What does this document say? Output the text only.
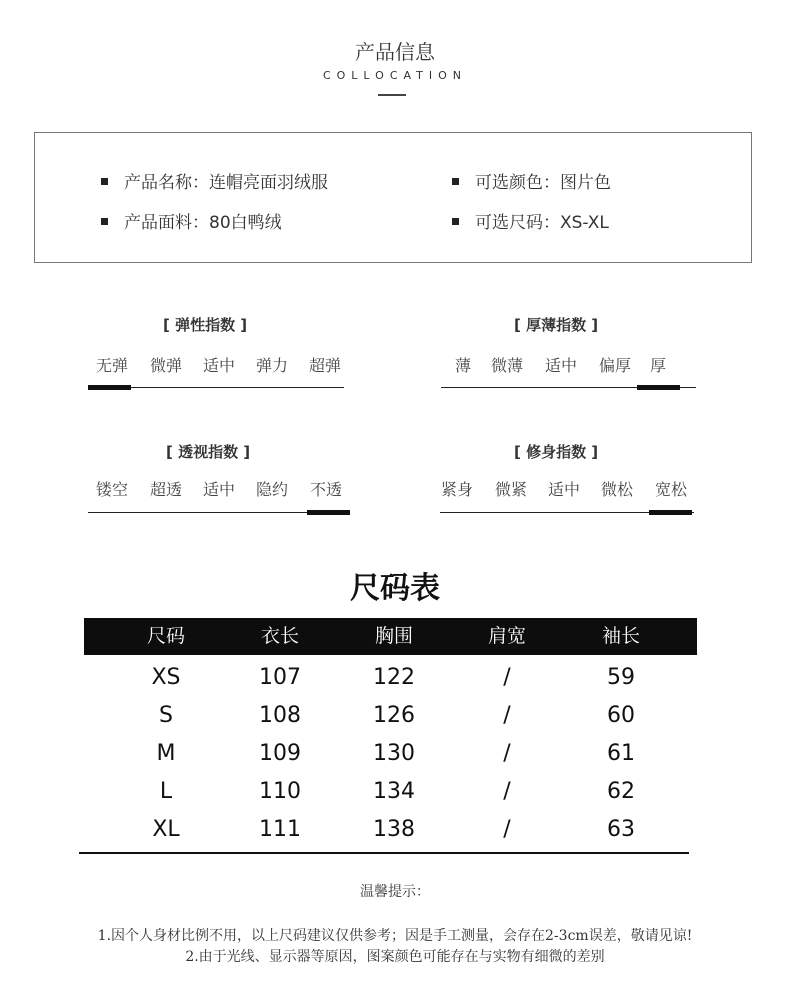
产品信息
COLLOCATION
产品名称：连帽亮面羽绒服
产品面料：80白鸭绒
可选颜色：图片色
可选尺码：XS-XL
[ 弹性指数 ]
无弹	微弹	适中	弹力	超弹
[ 厚薄指数 ]
薄	微薄	适中	偏厚	厚
[ 透视指数 ]
镂空	超透	适中	隐约	不透
[ 修身指数 ]
紧身	微紧	适中	微松	宽松
尺码表
尺码	衣长	胸围	肩宽	袖长
XS	107	122	/	59
S	108	126	/	60
M	109	130	/	61
L	110	134	/	62
XL	111	138	/	63
温馨提示：
1.因个人身材比例不用，以上尺码建议仅供参考；因是手工测量，会存在2-3cm误差，敬请见谅!
2.由于光线、显示器等原因，图案颜色可能存在与实物有细微的差别
